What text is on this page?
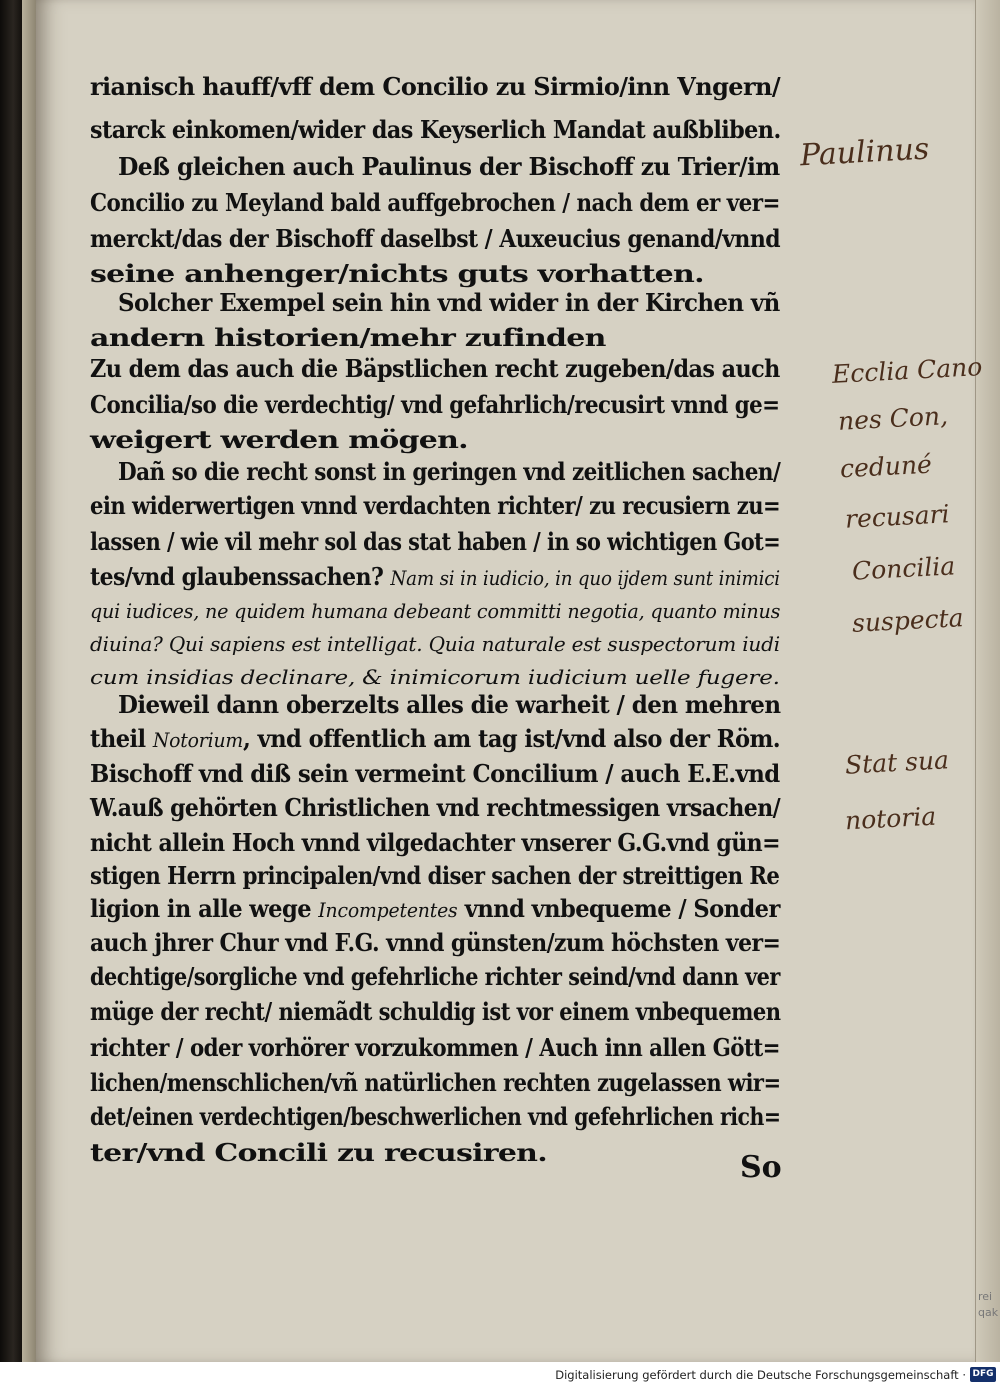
rei
qak
rianisch hauff/vff dem Concilio zu Sirmio/inn Vngern/
starck einkomen/wider das Keyserlich Mandat außbliben.
Deß gleichen auch Paulinus der Bischoff zu Trier/im
Concilio zu Meyland bald auffgebrochen / nach dem er ver=
merckt/das der Bischoff daselbst / Auxeucius genand/vnnd
seine anhenger/nichts guts vorhatten.
Solcher Exempel sein hin vnd wider in der Kirchen vñ
andern historien/mehr zufinden
Zu dem das auch die Bäpstlichen recht zugeben/das auch
Concilia/so die verdechtig/ vnd gefahrlich/recusirt vnnd ge=
weigert werden mögen.
Dañ so die recht sonst in geringen vnd zeitlichen sachen/
ein widerwertigen vnnd verdachten richter/ zu recusiern zu=
lassen / wie vil mehr sol das stat haben / in so wichtigen Got=
tes/vnd glaubenssachen? Nam si in iudicio, in quo ijdem sunt inimici
qui iudices, ne quidem humana debeant committi negotia, quanto minus
diuina? Qui sapiens est intelligat. Quia naturale est suspectorum iudi
cum insidias declinare, & inimicorum iudicium uelle fugere.
Dieweil dann oberzelts alles die warheit / den mehren
theil Notorium, vnd offentlich am tag ist/vnd also der Röm.
Bischoff vnd diß sein vermeint Concilium / auch E.E.vnd
W.auß gehörten Christlichen vnd rechtmessigen vrsachen/
nicht allein Hoch vnnd vilgedachter vnserer G.G.vnd gün=
stigen Herrn principalen/vnd diser sachen der streittigen Re
ligion in alle wege Incompetentes vnnd vnbequeme / Sonder
auch jhrer Chur vnd F.G. vnnd günsten/zum höchsten ver=
dechtige/sorgliche vnd gefehrliche richter seind/vnd dann ver
müge der recht/ niemãdt schuldig ist vor einem vnbequemen
richter / oder vorhörer vorzukommen / Auch inn allen Gött=
lichen/menschlichen/vñ natürlichen rechten zugelassen wir=
det/einen verdechtigen/beschwerlichen vnd gefehrlichen rich=
ter/vnd Concili zu recusiren.	So
Paulinus
Ecclia Cano
nes Con,
ceduné
recusari
Concilia
suspecta
Stat sua
notoria
Digitalisierung gefördert durch die Deutsche Forschungsgemeinschaft · DFG
